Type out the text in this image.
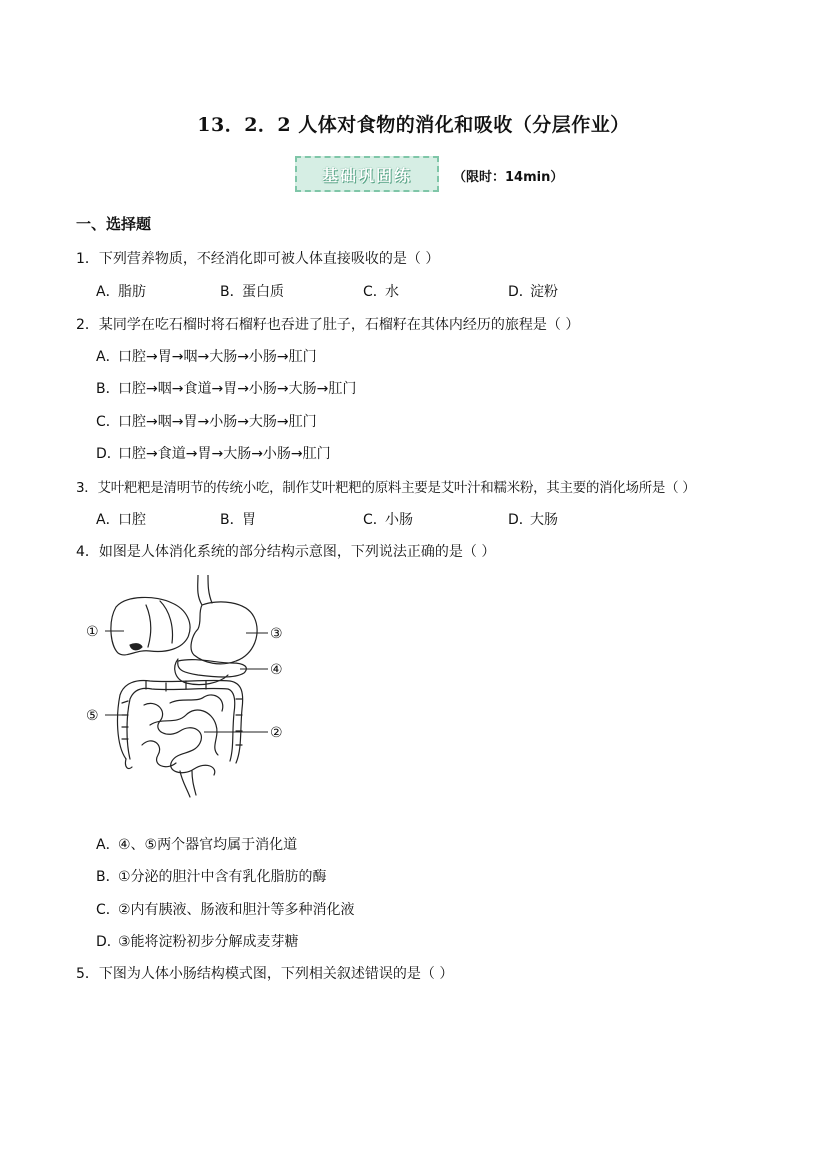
13．2．2 人体对食物的消化和吸收（分层作业）
基础巩固练	（限时：14min）
一、选择题
1．下列营养物质，不经消化即可被人体直接吸收的是（ ）
A．脂肪	B．蛋白质	C．水	D．淀粉
2．某同学在吃石榴时将石榴籽也吞进了肚子，石榴籽在其体内经历的旅程是（ ）
A．口腔→胃→咽→大肠→小肠→肛门
B．口腔→咽→食道→胃→小肠→大肠→肛门
C．口腔→咽→胃→小肠→大肠→肛门
D．口腔→食道→胃→大肠→小肠→肛门
3．艾叶粑粑是清明节的传统小吃，制作艾叶粑粑的原料主要是艾叶汁和糯米粉，其主要的消化场所是（ ）
A．口腔	B．胃	C．小肠	D．大肠
4．如图是人体消化系统的部分结构示意图，下列说法正确的是（ ）
①
②
③
④
⑤
A．④、⑤两个器官均属于消化道
B．①分泌的胆汁中含有乳化脂肪的酶
C．②内有胰液、肠液和胆汁等多种消化液
D．③能将淀粉初步分解成麦芽糖
5．下图为人体小肠结构模式图，下列相关叙述错误的是（ ）
